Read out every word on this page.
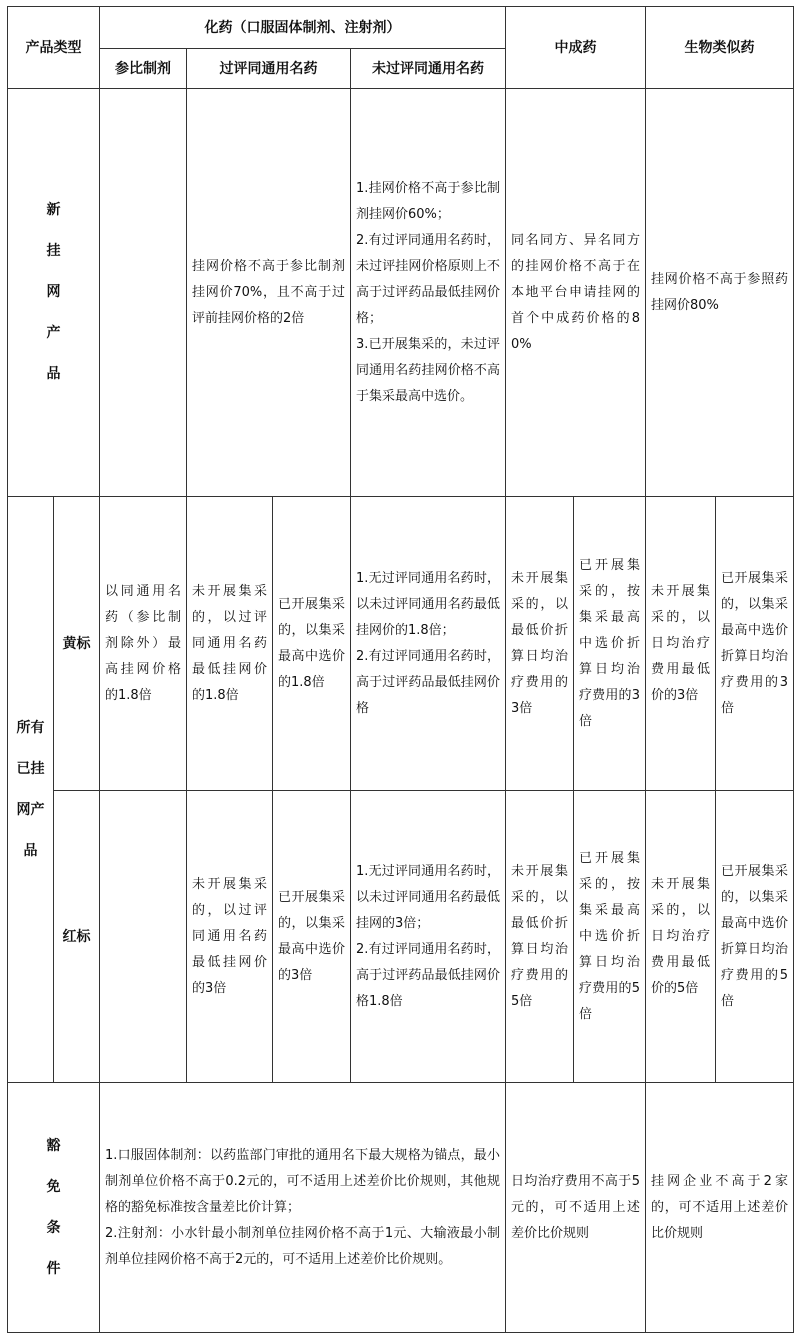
产品类型		化药（口服固体制剂、注射剂）				中成药		生物类似药	
		参比制剂	过评同通用名药		未过评同通用名药				
新挂网产品			挂网价格不高于参比制剂挂网价70%，且不高于过评前挂网价格的2倍		1.挂网价格不高于参比制剂挂网价60%；
2.有过评同通用名药时，未过评挂网价格原则上不高于过评药品最低挂网价格；
3.已开展集采的，未过评同通用名药挂网价格不高于集采最高中选价。	同名同方、异名同方的挂网价格不高于在本地平台申请挂网的首个中成药价格的80%		挂网价格不高于参照药挂网价80%	
所有已挂网产品	黄标	以同通用名药（参比制剂除外）最高挂网价格的1.8倍	未开展集采的，以过评同通用名药最低挂网价的1.8倍	已开展集采的，以集采最高中选价的1.8倍	1.无过评同通用名药时，以未过评同通用名药最低挂网价的1.8倍；
2.有过评同通用名药时，高于过评药品最低挂网价格	未开展集采的，以最低价折算日均治疗费用的3倍	已开展集采的，按集采最高中选价折算日均治疗费用的3倍	未开展集采的，以日均治疗费用最低价的3倍	已开展集采的，以集采最高中选价折算日均治疗费用的3倍
	红标		未开展集采的，以过评同通用名药最低挂网价的3倍	已开展集采的，以集采最高中选价的3倍	1.无过评同通用名药时，以未过评同通用名药最低挂网的3倍；
2.有过评同通用名药时，高于过评药品最低挂网价格1.8倍	未开展集采的，以最低价折算日均治疗费用的5倍	已开展集采的，按集采最高中选价折算日均治疗费用的5倍	未开展集采的，以日均治疗费用最低价的5倍	已开展集采的，以集采最高中选价折算日均治疗费用的5倍
豁免条件		1.口服固体制剂：以药监部门审批的通用名下最大规格为锚点，最小制剂单位价格不高于0.2元的，可不适用上述差价比价规则，其他规格的豁免标准按含量差比价计算；
2.注射剂：小水针最小制剂单位挂网价格不高于1元、大输液最小制剂单位挂网价格不高于2元的，可不适用上述差价比价规则。				日均治疗费用不高于5元的，可不适用上述差价比价规则		挂网企业不高于2家的，可不适用上述差价比价规则	
